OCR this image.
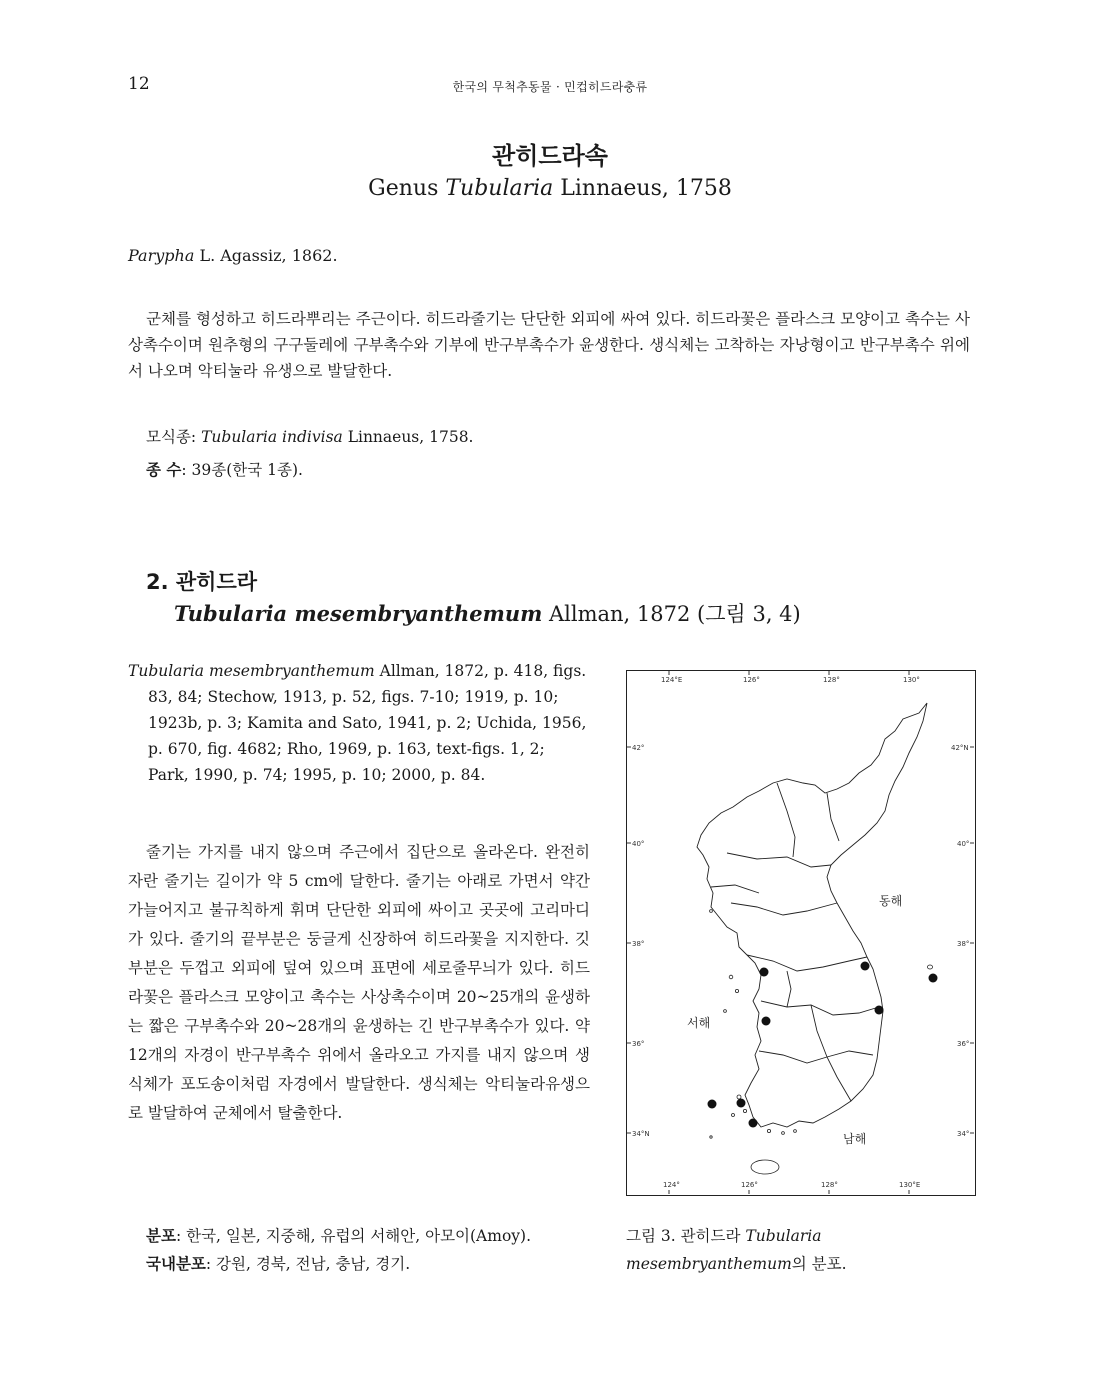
12	한국의 무척추동물 · 민컵히드라충류
관히드라속
Genus Tubularia Linnaeus, 1758
Parypha L. Agassiz, 1862.

군체를 형성하고 히드라뿌리는 주근이다. 히드라줄기는 단단한 외피에 싸여 있다. 히드라꽃은 플라스크 모양이고 촉수는 사상촉수이며 원추형의 구구둘레에 구부촉수와 기부에 반구부촉수가 윤생한다. 생식체는 고착하는 자낭형이고 반구부촉수 위에서 나오며 악티눌라 유생으로 발달한다.

모식종: Tubularia indivisa Linnaeus, 1758.
종 수: 39종(한국 1종).
2. 관히드라
Tubularia mesembryanthemum Allman, 1872 (그림 3, 4)
Tubularia mesembryanthemum Allman, 1872, p. 418, figs. 83, 84; Stechow, 1913, p. 52, figs. 7-10; 1919, p. 10; 1923b, p. 3; Kamita and Sato, 1941, p. 2; Uchida, 1956, p. 670, fig. 4682; Rho, 1969, p. 163, text-figs. 1, 2; Park, 1990, p. 74; 1995, p. 10; 2000, p. 84.

줄기는 가지를 내지 않으며 주근에서 집단으로 올라온다. 완전히 자란 줄기는 길이가 약 5 cm에 달한다. 줄기는 아래로 가면서 약간 가늘어지고 불규칙하게 휘며 단단한 외피에 싸이고 곳곳에 고리마디가 있다. 줄기의 끝부분은 둥글게 신장하여 히드라꽃을 지지한다. 깃 부분은 두껍고 외피에 덮여 있으며 표면에 세로줄무늬가 있다. 히드라꽃은 플라스크 모양이고 촉수는 사상촉수이며 20~25개의 윤생하는 짧은 구부촉수와 20~28개의 윤생하는 긴 반구부촉수가 있다. 약 12개의 자경이 반구부촉수 위에서 올라오고 가지를 내지 않으며 생식체가 포도송이처럼 자경에서 발달한다. 생식체는 악티눌라유생으로 발달하여 군체에서 탈출한다.

분포: 한국, 일본, 지중해, 유럽의 서해안, 아모이(Amoy).
국내분포: 강원, 경북, 전남, 충남, 경기.
124°E	126°	128°	130°
124°	126°	128°	130°E
42°
40°
38°
36°
34°N
42°N
40°
38°
36°
34°
동해
서해
남해
그림 3. 관히드라 Tubularia mesembryanthemum의 분포.
